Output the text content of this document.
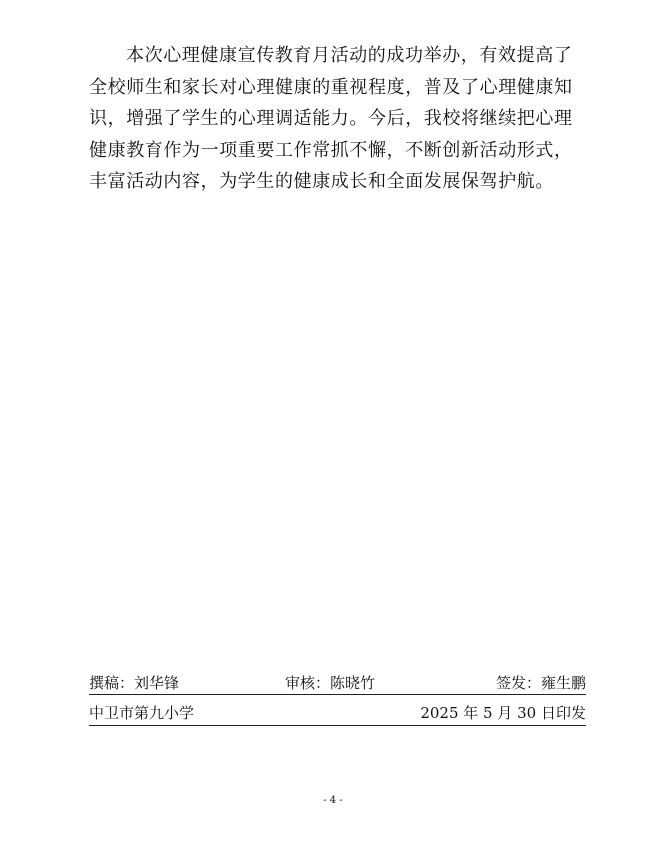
本次心理健康宣传教育月活动的成功举办，有效提高了
全校师生和家长对心理健康的重视程度，普及了心理健康知
识，增强了学生的心理调适能力。今后，我校将继续把心理
健康教育作为一项重要工作常抓不懈，不断创新活动形式，
丰富活动内容，为学生的健康成长和全面发展保驾护航。

撰稿：刘华锋	审核：陈晓竹	签发：雍生鹏
中卫市第九小学	2025 年 5 月 30 日印发
- 4 -
